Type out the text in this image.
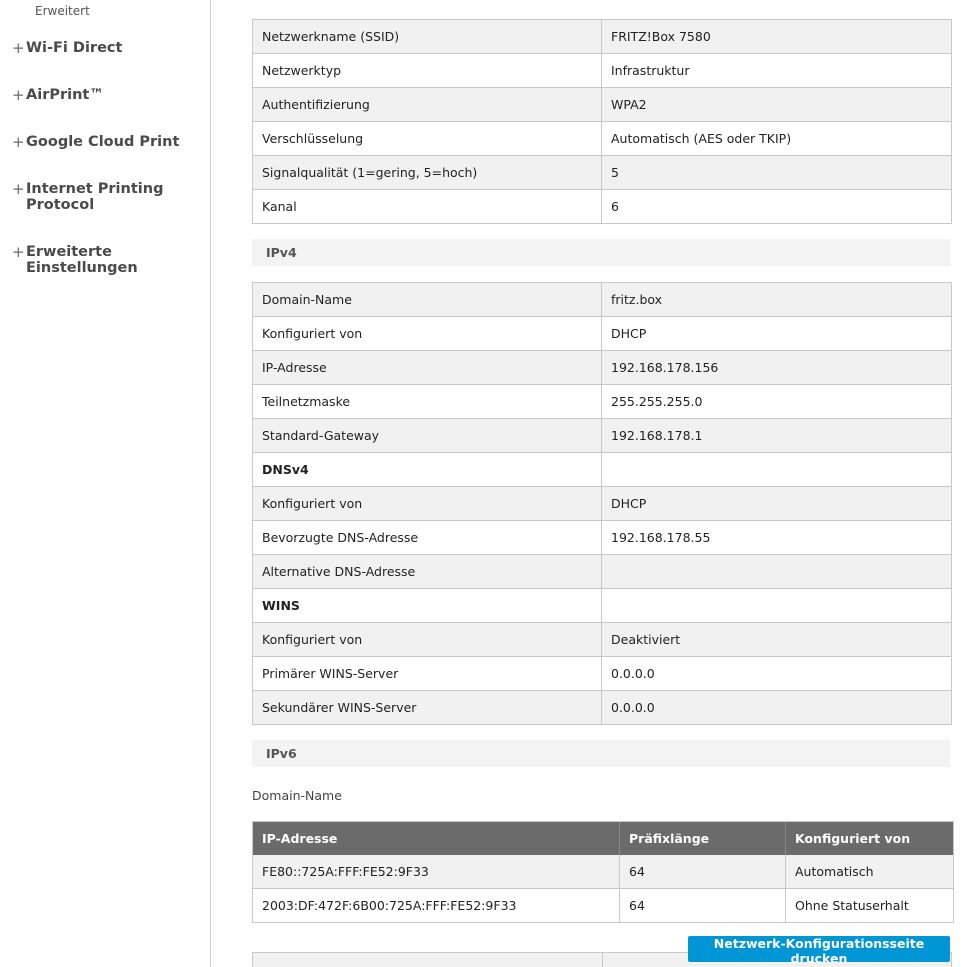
Erweitert
+ Wi-Fi Direct
+ AirPrint™
+ Google Cloud Print
+ Internet Printing
Protocol
+ Erweiterte
Einstellungen
Netzwerkname (SSID)	FRITZ!Box 7580
Netzwerktyp	Infrastruktur
Authentifizierung	WPA2
Verschlüsselung	Automatisch (AES oder TKIP)
Signalqualität (1=gering, 5=hoch)	5
Kanal	6
IPv4
Domain-Name	fritz.box
Konfiguriert von	DHCP
IP-Adresse	192.168.178.156
Teilnetzmaske	255.255.255.0
Standard-Gateway	192.168.178.1
DNSv4
Konfiguriert von	DHCP
Bevorzugte DNS-Adresse	192.168.178.55
Alternative DNS-Adresse
WINS
Konfiguriert von	Deaktiviert
Primärer WINS-Server	0.0.0.0
Sekundärer WINS-Server	0.0.0.0
IPv6
Domain-Name
IP-Adresse	Präfixlänge	Konfiguriert von
FE80::725A:FFF:FE52:9F33	64	Automatisch
2003:DF:472F:6B00:725A:FFF:FE52:9F33	64	Ohne Statuserhalt
Netzwerk-Konfigurationsseite drucken
